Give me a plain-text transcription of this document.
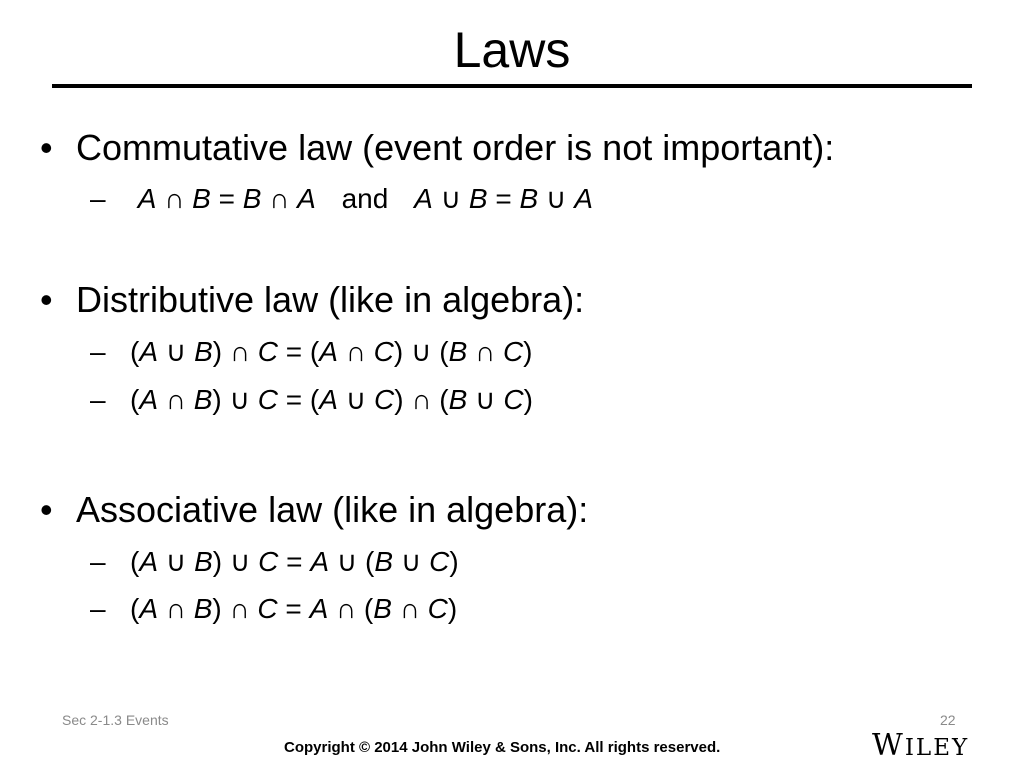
Laws
• Commutative law (event order is not important):
– A ∩ B = B ∩ A and A ∪ B = B ∪ A
• Distributive law (like in algebra):
– (A ∪ B) ∩ C = (A ∩ C) ∪ (B ∩ C)
– (A ∩ B) ∪ C = (A ∪ C) ∩ (B ∪ C)
• Associative law (like in algebra):
– (A ∪ B) ∪ C = A ∪ (B ∪ C)
– (A ∩ B) ∩ C = A ∩ (B ∩ C)
Sec 2-1.3 Events	22
Copyright © 2014 John Wiley & Sons, Inc. All rights reserved.	WILEY
